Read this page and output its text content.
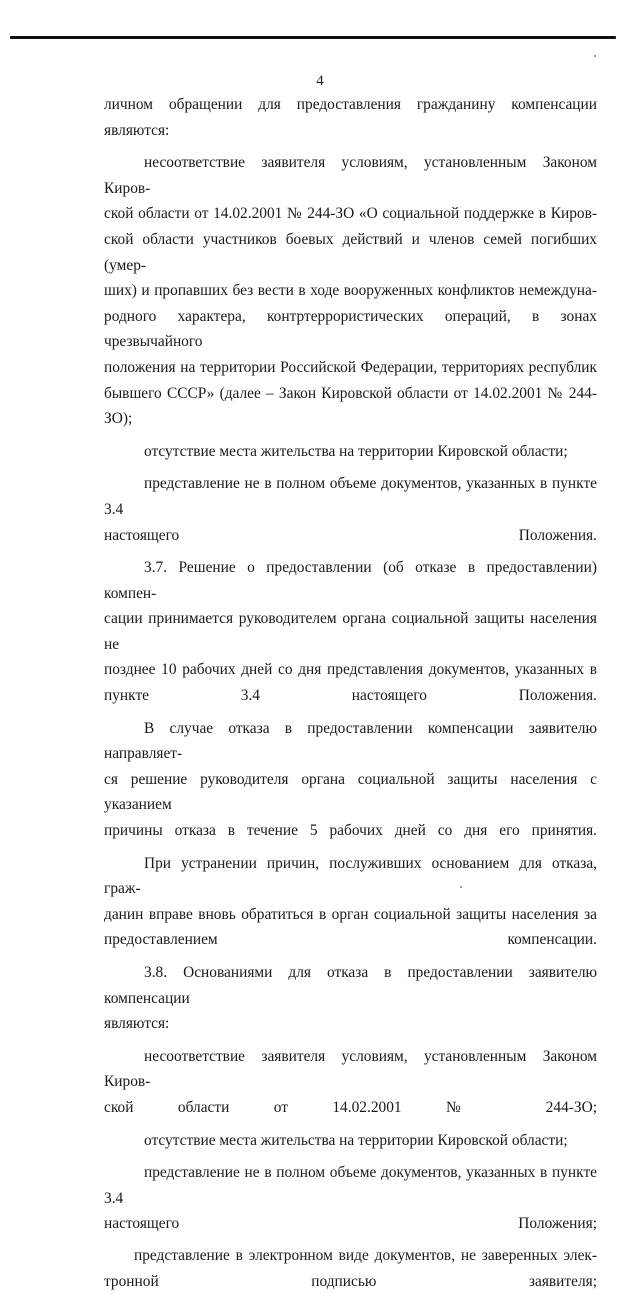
4

личном обращении для предоставления гражданину компенсации являются:

несоответствие заявителя условиям, установленным Законом Киров-
ской области от 14.02.2001 № 244-ЗО «О социальной поддержке в Киров-
ской области участников боевых действий и членов семей погибших (умер-
ших) и пропавших без вести в ходе вооруженных конфликтов немеждуна-
родного характера, контртеррористических операций, в зонах чрезвычайного
положения на территории Российской Федерации, территориях республик
бывшего СССР» (далее – Закон Кировской области от 14.02.2001 № 244-ЗО);

отсутствие места жительства на территории Кировской области;

представление не в полном объеме документов, указанных в пункте 3.4
настоящего Положения.

3.7. Решение о предоставлении (об отказе в предоставлении) компен-
сации принимается руководителем органа социальной защиты населения не
позднее 10 рабочих дней со дня представления документов, указанных в
пункте 3.4 настоящего Положения.

В случае отказа в предоставлении компенсации заявителю направляет-
ся решение руководителя органа социальной защиты населения с указанием
причины отказа в течение 5 рабочих дней со дня его принятия.

При устранении причин, послуживших основанием для отказа, граж-
данин вправе вновь обратиться в орган социальной защиты населения за
предоставлением компенсации.

3.8. Основаниями для отказа в предоставлении заявителю компенсации
являются:

несоответствие заявителя условиям, установленным Законом Киров-
ской области от 14.02.2001 № 244-ЗО;

отсутствие места жительства на территории Кировской области;

представление не в полном объеме документов, указанных в пункте 3.4
настоящего Положения;

представление в электронном виде документов, не заверенных элек-
тронной подписью заявителя;
